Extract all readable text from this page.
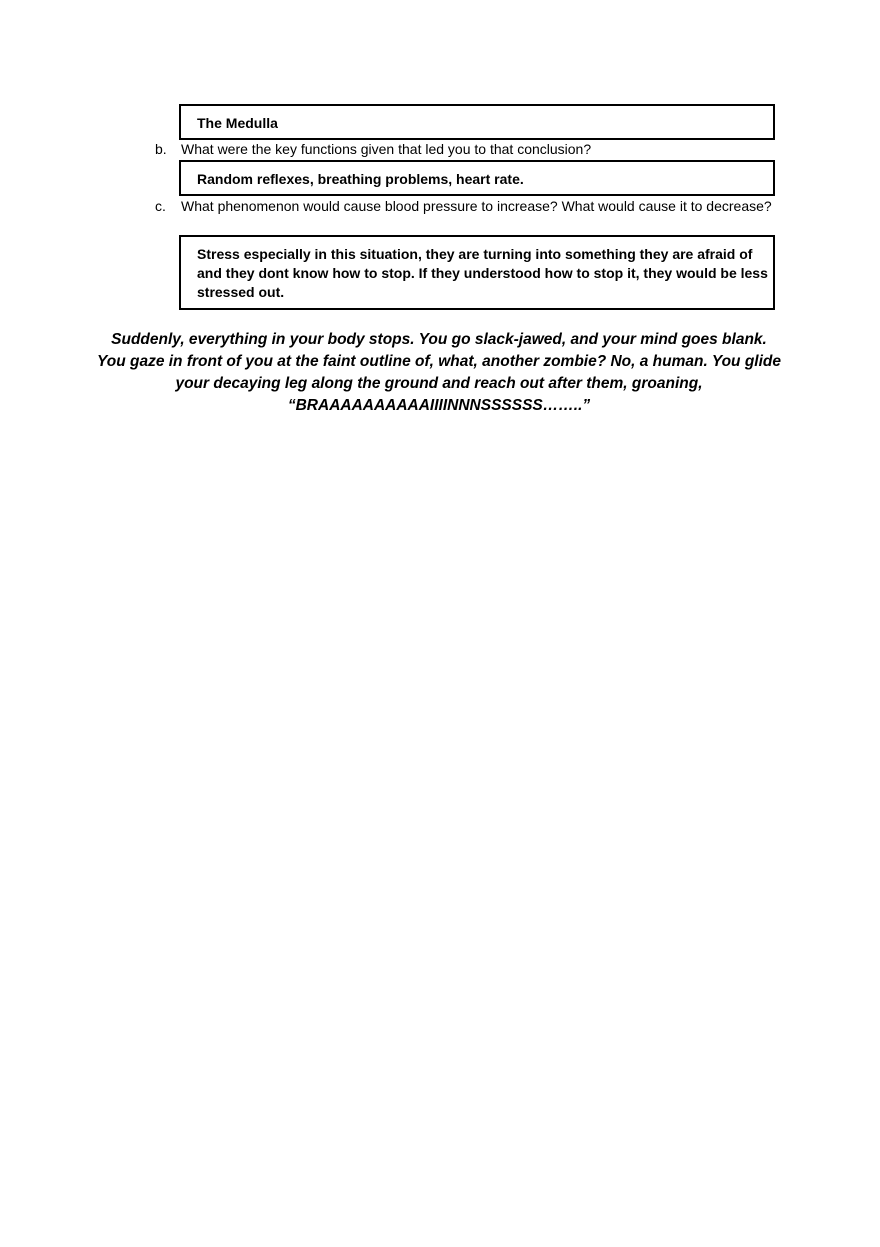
The Medulla
b. What were the key functions given that led you to that conclusion?
Random reflexes, breathing problems, heart rate.
c. What phenomenon would cause blood pressure to increase? What would cause it to decrease?
Stress especially in this situation, they are turning into something they are afraid of and they dont know how to stop. If they understood how to stop it, they would be less stressed out.
Suddenly, everything in your body stops. You go slack-jawed, and your mind goes blank. You gaze in front of you at the faint outline of, what, another zombie? No, a human. You glide your decaying leg along the ground and reach out after them, groaning, “BRAAAAAAAAAAIIIINNNSSSSSS……..”
